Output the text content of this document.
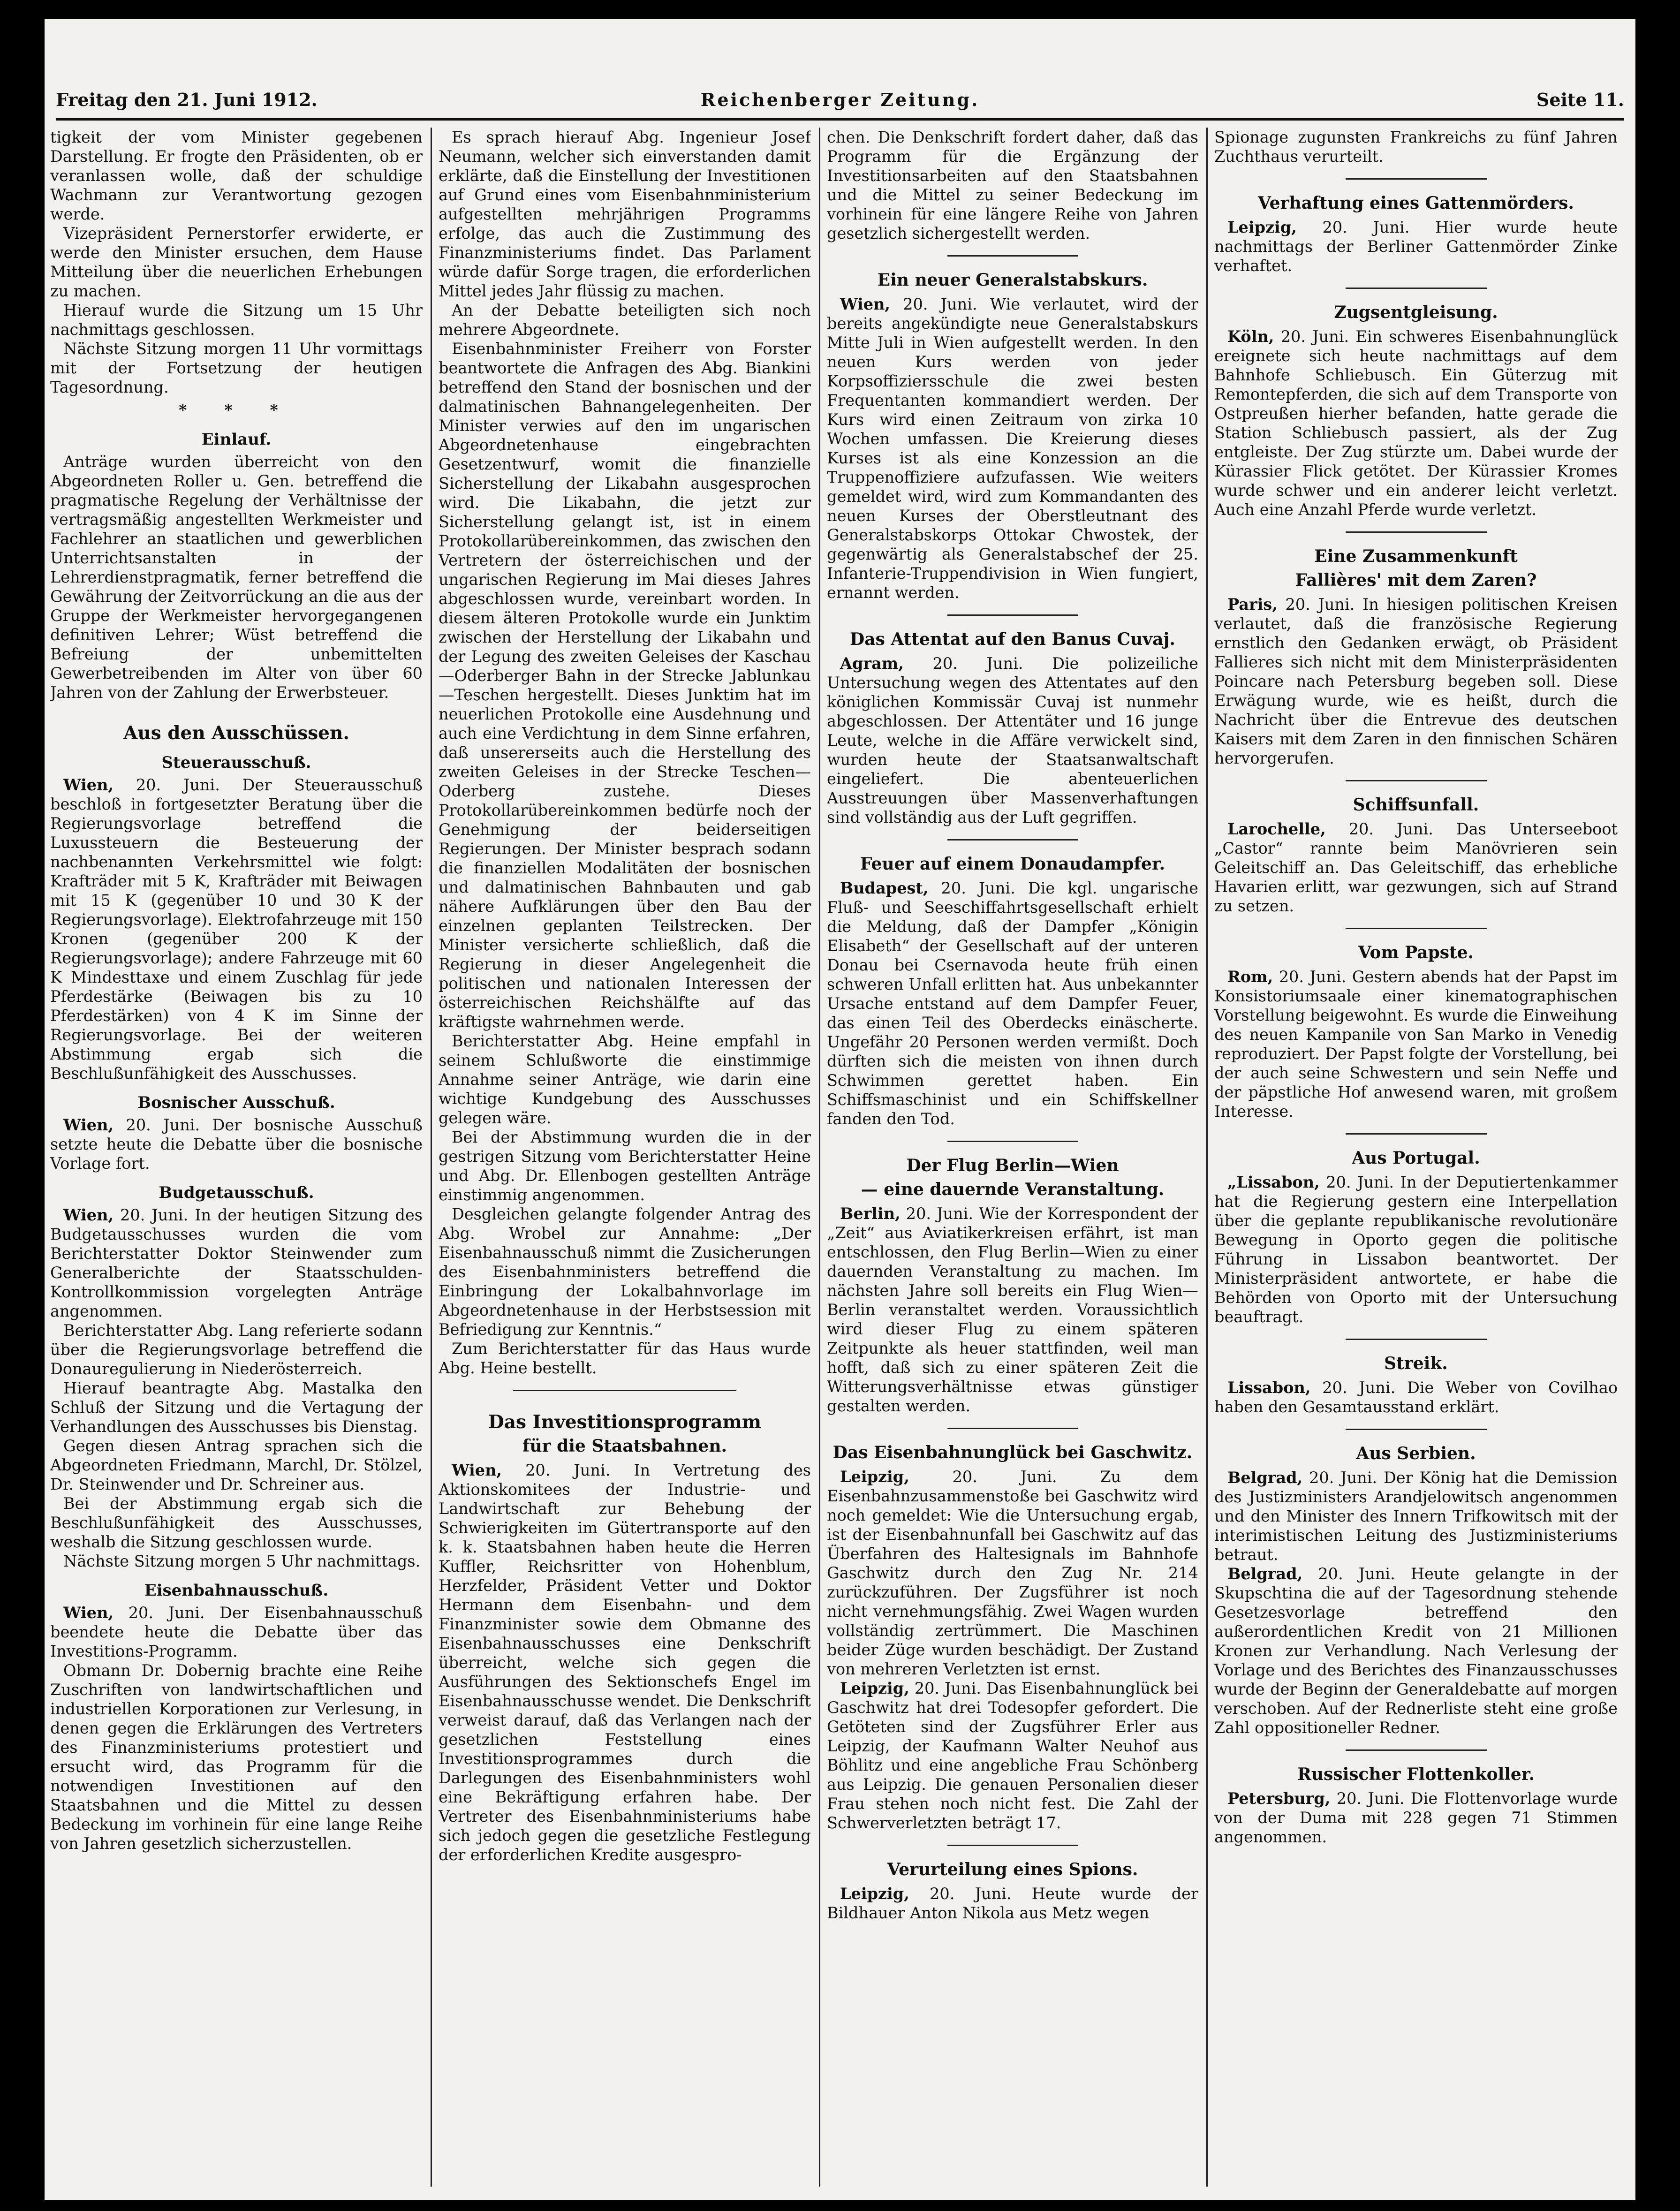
Freitag den 21. Juni 1912.	Reichenberger Zeitung.	Seite 11.

tigkeit der vom Minister gegebenen Darstellung. Er frogte den Präsidenten, ob er veranlassen wolle, daß der schuldige Wachmann zur Verantwortung gezogen werde.

Vizepräsident Pernerstorfer erwiderte, er werde den Minister ersuchen, dem Hause Mitteilung über die neuerlichen Erhebungen zu machen.

Hierauf wurde die Sitzung um 15 Uhr nachmittags geschlossen.

Nächste Sitzung morgen 11 Uhr vormittags mit der Fortsetzung der heutigen Tagesordnung.

* * *
Einlauf.

Anträge wurden überreicht von den Abgeordneten Roller u. Gen. betreffend die pragmatische Regelung der Verhältnisse der vertragsmäßig angestellten Werkmeister und Fachlehrer an staatlichen und gewerblichen Unterrichtsanstalten in der Lehrerdienstpragmatik, ferner betreffend die Gewährung der Zeitvorrückung an die aus der Gruppe der Werkmeister hervorgegangenen definitiven Lehrer; Wüst betreffend die Befreiung der unbemittelten Gewerbetreibenden im Alter von über 60 Jahren von der Zahlung der Erwerbsteuer.

Aus den Ausschüssen.
Steuerausschuß.

Wien, 20. Juni. Der Steuerausschuß beschloß in fortgesetzter Beratung über die Regierungsvorlage betreffend die Luxussteuern die Besteuerung der nachbenannten Verkehrsmittel wie folgt: Krafträder mit 5 K, Krafträder mit Beiwagen mit 15 K (gegenüber 10 und 30 K der Regierungsvorlage). Elektrofahrzeuge mit 150 Kronen (gegenüber 200 K der Regierungsvorlage); andere Fahrzeuge mit 60 K Mindesttaxe und einem Zuschlag für jede Pferdestärke (Beiwagen bis zu 10 Pferdestärken) von 4 K im Sinne der Regierungsvorlage. Bei der weiteren Abstimmung ergab sich die Beschlußunfähigkeit des Ausschusses.

Bosnischer Ausschuß.

Wien, 20. Juni. Der bosnische Ausschuß setzte heute die Debatte über die bosnische Vorlage fort.

Budgetausschuß.

Wien, 20. Juni. In der heutigen Sitzung des Budgetausschusses wurden die vom Berichterstatter Doktor Steinwender zum Generalberichte der Staatsschulden-Kontrollkommission vorgelegten Anträge angenommen.

Berichterstatter Abg. Lang referierte sodann über die Regierungsvorlage betreffend die Donauregulierung in Niederösterreich.

Hierauf beantragte Abg. Mastalka den Schluß der Sitzung und die Vertagung der Verhandlungen des Ausschusses bis Dienstag.

Gegen diesen Antrag sprachen sich die Abgeordneten Friedmann, Marchl, Dr. Stölzel, Dr. Steinwender und Dr. Schreiner aus.

Bei der Abstimmung ergab sich die Beschlußunfähigkeit des Ausschusses, weshalb die Sitzung geschlossen wurde.

Nächste Sitzung morgen 5 Uhr nachmittags.

Eisenbahnausschuß.

Wien, 20. Juni. Der Eisenbahnausschuß beendete heute die Debatte über das Investitions-Programm.

Obmann Dr. Dobernig brachte eine Reihe Zuschriften von landwirtschaftlichen und industriellen Korporationen zur Verlesung, in denen gegen die Erklärungen des Vertreters des Finanzministeriums protestiert und ersucht wird, das Programm für die notwendigen Investitionen auf den Staatsbahnen und die Mittel zu dessen Bedeckung im vorhinein für eine lange Reihe von Jahren gesetzlich sicherzustellen.

Es sprach hierauf Abg. Ingenieur Josef Neumann, welcher sich einverstanden damit erklärte, daß die Einstellung der Investitionen auf Grund eines vom Eisenbahnministerium aufgestellten mehrjährigen Programms erfolge, das auch die Zustimmung des Finanzministeriums findet. Das Parlament würde dafür Sorge tragen, die erforderlichen Mittel jedes Jahr flüssig zu machen.

An der Debatte beteiligten sich noch mehrere Abgeordnete.

Eisenbahnminister Freiherr von Forster beantwortete die Anfragen des Abg. Biankini betreffend den Stand der bosnischen und der dalmatinischen Bahnangelegenheiten. Der Minister verwies auf den im ungarischen Abgeordnetenhause eingebrachten Gesetzentwurf, womit die finanzielle Sicherstellung der Likabahn ausgesprochen wird. Die Likabahn, die jetzt zur Sicherstellung gelangt ist, ist in einem Protokollarübereinkommen, das zwischen den Vertretern der österreichischen und der ungarischen Regierung im Mai dieses Jahres abgeschlossen wurde, vereinbart worden. In diesem älteren Protokolle wurde ein Junktim zwischen der Herstellung der Likabahn und der Legung des zweiten Geleises der Kaschau—Oderberger Bahn in der Strecke Jablunkau—Teschen hergestellt. Dieses Junktim hat im neuerlichen Protokolle eine Ausdehnung und auch eine Verdichtung in dem Sinne erfahren, daß unsererseits auch die Herstellung des zweiten Geleises in der Strecke Teschen—Oderberg zustehe. Dieses Protokollarübereinkommen bedürfe noch der Genehmigung der beiderseitigen Regierungen. Der Minister besprach sodann die finanziellen Modalitäten der bosnischen und dalmatinischen Bahnbauten und gab nähere Aufklärungen über den Bau der einzelnen geplanten Teilstrecken. Der Minister versicherte schließlich, daß die Regierung in dieser Angelegenheit die politischen und nationalen Interessen der österreichischen Reichshälfte auf das kräftigste wahrnehmen werde.

Berichterstatter Abg. Heine empfahl in seinem Schlußworte die einstimmige Annahme seiner Anträge, wie darin eine wichtige Kundgebung des Ausschusses gelegen wäre.

Bei der Abstimmung wurden die in der gestrigen Sitzung vom Berichterstatter Heine und Abg. Dr. Ellenbogen gestellten Anträge einstimmig angenommen.

Desgleichen gelangte folgender Antrag des Abg. Wrobel zur Annahme: „Der Eisenbahnausschuß nimmt die Zusicherungen des Eisenbahnministers betreffend die Einbringung der Lokalbahnvorlage im Abgeordnetenhause in der Herbstsession mit Befriedigung zur Kenntnis.“

Zum Berichterstatter für das Haus wurde Abg. Heine bestellt.

Das Investitionsprogramm
für die Staatsbahnen.

Wien, 20. Juni. In Vertretung des Aktionskomitees der Industrie- und Landwirtschaft zur Behebung der Schwierigkeiten im Gütertransporte auf den k. k. Staatsbahnen haben heute die Herren Kuffler, Reichsritter von Hohenblum, Herzfelder, Präsident Vetter und Doktor Hermann dem Eisenbahn- und dem Finanzminister sowie dem Obmanne des Eisenbahnausschusses eine Denkschrift überreicht, welche sich gegen die Ausführungen des Sektionschefs Engel im Eisenbahnausschusse wendet. Die Denkschrift verweist darauf, daß das Verlangen nach der gesetzlichen Feststellung eines Investitionsprogrammes durch die Darlegungen des Eisenbahnministers wohl eine Bekräftigung erfahren habe. Der Vertreter des Eisenbahnministeriums habe sich jedoch gegen die gesetzliche Festlegung der erforderlichen Kredite ausgespro-

chen. Die Denkschrift fordert daher, daß das Programm für die Ergänzung der Investitionsarbeiten auf den Staatsbahnen und die Mittel zu seiner Bedeckung im vorhinein für eine längere Reihe von Jahren gesetzlich sichergestellt werden.

Ein neuer Generalstabskurs.

Wien, 20. Juni. Wie verlautet, wird der bereits angekündigte neue Generalstabskurs Mitte Juli in Wien aufgestellt werden. In den neuen Kurs werden von jeder Korpsoffiziersschule die zwei besten Frequentanten kommandiert werden. Der Kurs wird einen Zeitraum von zirka 10 Wochen umfassen. Die Kreierung dieses Kurses ist als eine Konzession an die Truppenoffiziere aufzufassen. Wie weiters gemeldet wird, wird zum Kommandanten des neuen Kurses der Oberstleutnant des Generalstabskorps Ottokar Chwostek, der gegenwärtig als Generalstabschef der 25. Infanterie-Truppendivision in Wien fungiert, ernannt werden.

Das Attentat auf den Banus Cuvaj.

Agram, 20. Juni. Die polizeiliche Untersuchung wegen des Attentates auf den königlichen Kommissär Cuvaj ist nunmehr abgeschlossen. Der Attentäter und 16 junge Leute, welche in die Affäre verwickelt sind, wurden heute der Staatsanwaltschaft eingeliefert. Die abenteuerlichen Ausstreuungen über Massenverhaftungen sind vollständig aus der Luft gegriffen.

Feuer auf einem Donaudampfer.

Budapest, 20. Juni. Die kgl. ungarische Fluß- und Seeschiffahrtsgesellschaft erhielt die Meldung, daß der Dampfer „Königin Elisabeth“ der Gesellschaft auf der unteren Donau bei Csernavoda heute früh einen schweren Unfall erlitten hat. Aus unbekannter Ursache entstand auf dem Dampfer Feuer, das einen Teil des Oberdecks einäscherte. Ungefähr 20 Personen werden vermißt. Doch dürften sich die meisten von ihnen durch Schwimmen gerettet haben. Ein Schiffsmaschinist und ein Schiffskellner fanden den Tod.

Der Flug Berlin—Wien
— eine dauernde Veranstaltung.

Berlin, 20. Juni. Wie der Korrespondent der „Zeit“ aus Aviatikerkreisen erfährt, ist man entschlossen, den Flug Berlin—Wien zu einer dauernden Veranstaltung zu machen. Im nächsten Jahre soll bereits ein Flug Wien—Berlin veranstaltet werden. Voraussichtlich wird dieser Flug zu einem späteren Zeitpunkte als heuer stattfinden, weil man hofft, daß sich zu einer späteren Zeit die Witterungsverhältnisse etwas günstiger gestalten werden.

Das Eisenbahnunglück bei Gaschwitz.

Leipzig, 20. Juni. Zu dem Eisenbahnzusammenstoße bei Gaschwitz wird noch gemeldet: Wie die Untersuchung ergab, ist der Eisenbahnunfall bei Gaschwitz auf das Überfahren des Haltesignals im Bahnhofe Gaschwitz durch den Zug Nr. 214 zurückzuführen. Der Zugsführer ist noch nicht vernehmungsfähig. Zwei Wagen wurden vollständig zertrümmert. Die Maschinen beider Züge wurden beschädigt. Der Zustand von mehreren Verletzten ist ernst.

Leipzig, 20. Juni. Das Eisenbahnunglück bei Gaschwitz hat drei Todesopfer gefordert. Die Getöteten sind der Zugsführer Erler aus Leipzig, der Kaufmann Walter Neuhof aus Böhlitz und eine angebliche Frau Schönberg aus Leipzig. Die genauen Personalien dieser Frau stehen noch nicht fest. Die Zahl der Schwerverletzten beträgt 17.

Verurteilung eines Spions.

Leipzig, 20. Juni. Heute wurde der Bildhauer Anton Nikola aus Metz wegen

Spionage zugunsten Frankreichs zu fünf Jahren Zuchthaus verurteilt.

Verhaftung eines Gattenmörders.

Leipzig, 20. Juni. Hier wurde heute nachmittags der Berliner Gattenmörder Zinke verhaftet.

Zugsentgleisung.

Köln, 20. Juni. Ein schweres Eisenbahnunglück ereignete sich heute nachmittags auf dem Bahnhofe Schliebusch. Ein Güterzug mit Remontepferden, die sich auf dem Transporte von Ostpreußen hierher befanden, hatte gerade die Station Schliebusch passiert, als der Zug entgleiste. Der Zug stürzte um. Dabei wurde der Kürassier Flick getötet. Der Kürassier Kromes wurde schwer und ein anderer leicht verletzt. Auch eine Anzahl Pferde wurde verletzt.

Eine Zusammenkunft
Fallières' mit dem Zaren?

Paris, 20. Juni. In hiesigen politischen Kreisen verlautet, daß die französische Regierung ernstlich den Gedanken erwägt, ob Präsident Fallieres sich nicht mit dem Ministerpräsidenten Poincare nach Petersburg begeben soll. Diese Erwägung wurde, wie es heißt, durch die Nachricht über die Entrevue des deutschen Kaisers mit dem Zaren in den finnischen Schären hervorgerufen.

Schiffsunfall.

Larochelle, 20. Juni. Das Unterseeboot „Castor“ rannte beim Manövrieren sein Geleitschiff an. Das Geleitschiff, das erhebliche Havarien erlitt, war gezwungen, sich auf Strand zu setzen.

Vom Papste.

Rom, 20. Juni. Gestern abends hat der Papst im Konsistoriumsaale einer kinematographischen Vorstellung beigewohnt. Es wurde die Einweihung des neuen Kampanile von San Marko in Venedig reproduziert. Der Papst folgte der Vorstellung, bei der auch seine Schwestern und sein Neffe und der päpstliche Hof anwesend waren, mit großem Interesse.

Aus Portugal.

„Lissabon, 20. Juni. In der Deputiertenkammer hat die Regierung gestern eine Interpellation über die geplante republikanische revolutionäre Bewegung in Oporto gegen die politische Führung in Lissabon beantwortet. Der Ministerpräsident antwortete, er habe die Behörden von Oporto mit der Untersuchung beauftragt.

Streik.

Lissabon, 20. Juni. Die Weber von Covilhao haben den Gesamtausstand erklärt.

Aus Serbien.

Belgrad, 20. Juni. Der König hat die Demission des Justizministers Arandjelowitsch angenommen und den Minister des Innern Trifkowitsch mit der interimistischen Leitung des Justizministeriums betraut.

Belgrad, 20. Juni. Heute gelangte in der Skupschtina die auf der Tagesordnung stehende Gesetzesvorlage betreffend den außerordentlichen Kredit von 21 Millionen Kronen zur Verhandlung. Nach Verlesung der Vorlage und des Berichtes des Finanzausschusses wurde der Beginn der Generaldebatte auf morgen verschoben. Auf der Rednerliste steht eine große Zahl oppositioneller Redner.

Russischer Flottenkoller.

Petersburg, 20. Juni. Die Flottenvorlage wurde von der Duma mit 228 gegen 71 Stimmen angenommen.
